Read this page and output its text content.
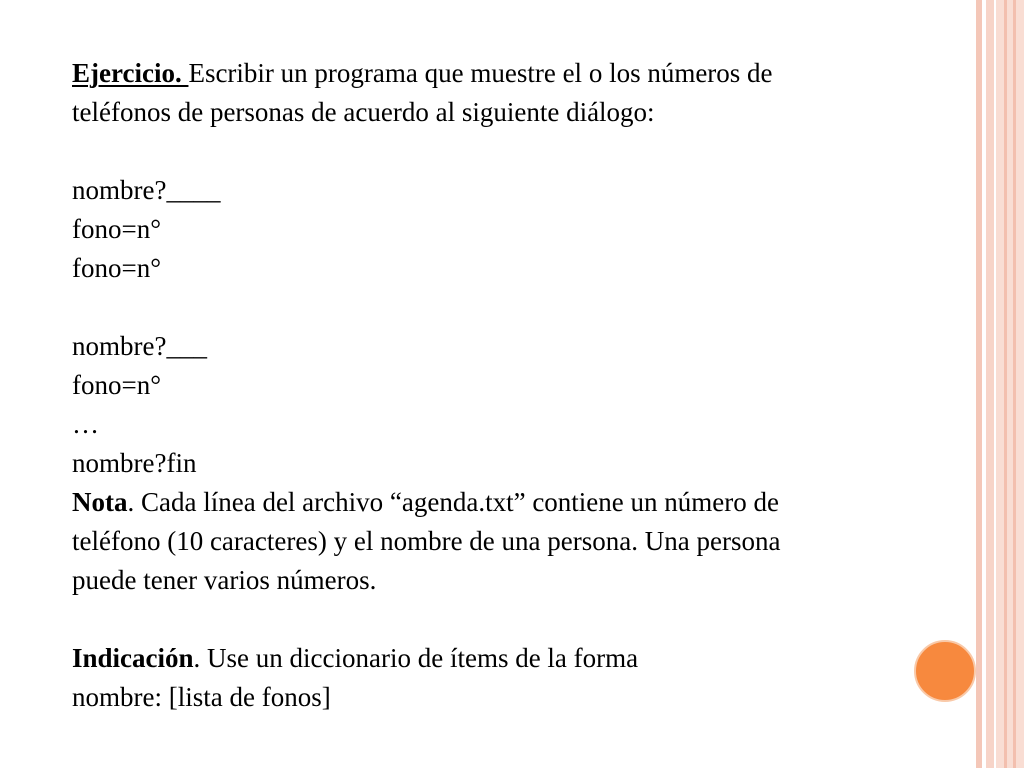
Ejercicio. Escribir un programa que muestre el o los números de
teléfonos de personas de acuerdo al siguiente diálogo:
nombre?____
fono=n°
fono=n°
nombre?___
fono=n°
…
nombre?fin
Nota. Cada línea del archivo “agenda.txt” contiene un número de
teléfono (10 caracteres) y el nombre de una persona. Una persona
puede tener varios números.
Indicación. Use un diccionario de ítems de la forma
nombre: [lista de fonos]
